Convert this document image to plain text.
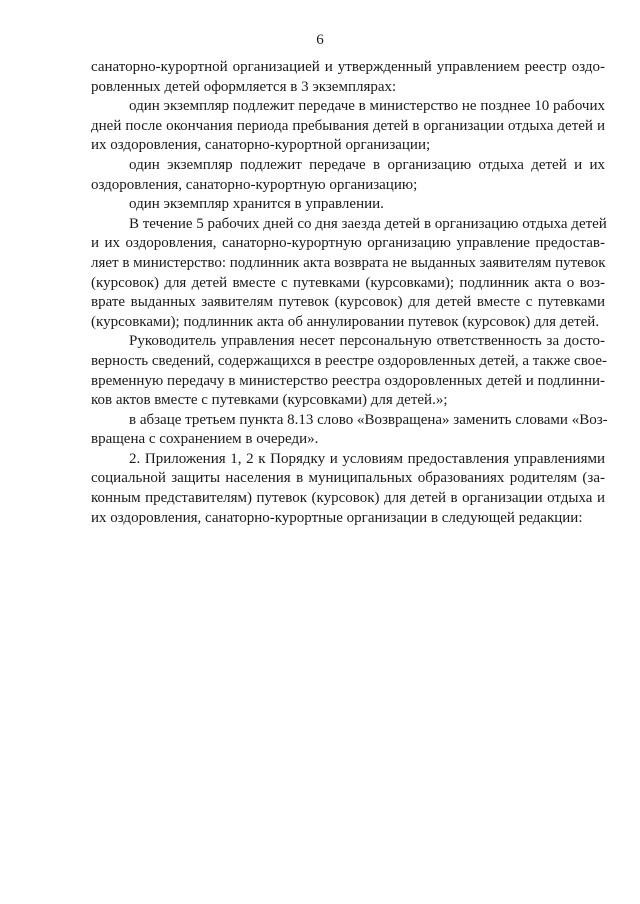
6

санаторно-курортной организацией и утвержденный управлением реестр оздо-
ровленных детей оформляется в 3 экземплярах:

один экземпляр подлежит передаче в министерство не позднее 10 рабочих
дней после окончания периода пребывания детей в организации отдыха детей и
их оздоровления, санаторно-курортной организации;

один экземпляр подлежит передаче в организацию отдыха детей и их
оздоровления, санаторно-курортную организацию;

один экземпляр хранится в управлении.

В течение 5 рабочих дней со дня заезда детей в организацию отдыха детей
и их оздоровления, санаторно-курортную организацию управление предостав-
ляет в министерство: подлинник акта возврата не выданных заявителям путевок
(курсовок) для детей вместе с путевками (курсовками); подлинник акта о воз-
врате выданных заявителям путевок (курсовок) для детей вместе с путевками
(курсовками); подлинник акта об аннулировании путевок (курсовок) для детей.

Руководитель управления несет персональную ответственность за досто-
верность сведений, содержащихся в реестре оздоровленных детей, а также свое-
временную передачу в министерство реестра оздоровленных детей и подлинни-
ков актов вместе с путевками (курсовками) для детей.»;

в абзаце третьем пункта 8.13 слово «Возвращена» заменить словами «Воз-
вращена с сохранением в очереди».

2. Приложения 1, 2 к Порядку и условиям предоставления управлениями
социальной защиты населения в муниципальных образованиях родителям (за-
конным представителям) путевок (курсовок) для детей в организации отдыха и
их оздоровления, санаторно-курортные организации в следующей редакции:
